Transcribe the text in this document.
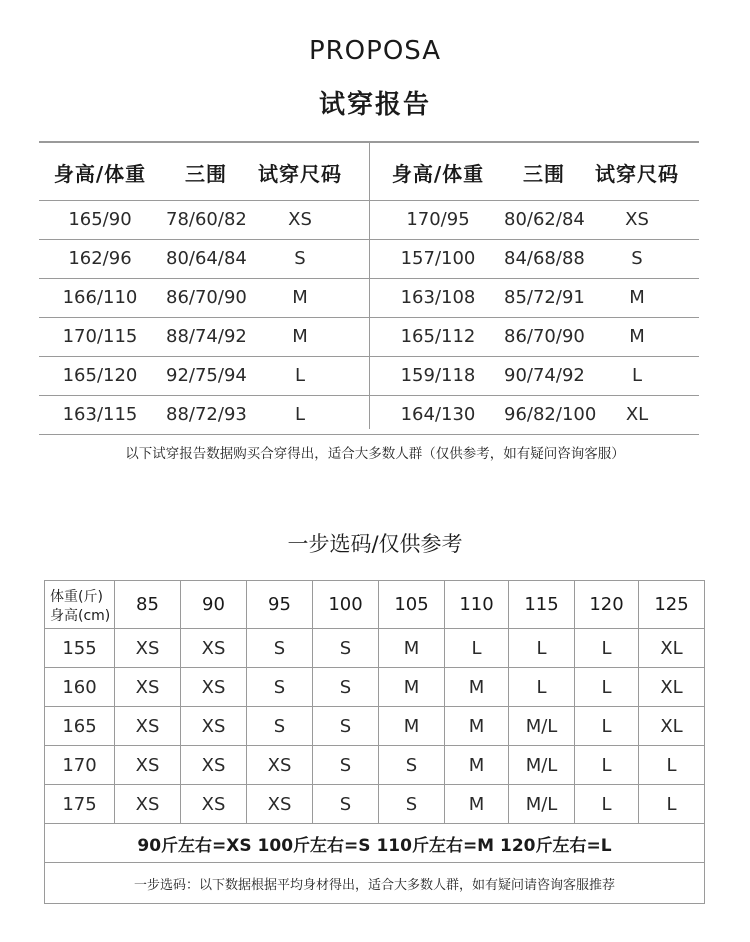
PROPOSA
试穿报告
身高/体重	三围	试穿尺码 身高/体重	三围	试穿尺码
165/90	78/60/82	XS	170/95	80/62/84	XS
162/96	80/64/84	S	157/100	84/68/88	S
166/110	86/70/90	M	163/108	85/72/91	M
170/115	88/74/92	M	165/112	86/70/90	M
165/120	92/75/94	L	159/118	90/74/92	L
163/115	88/72/93	L	164/130	96/82/100	XL
以下试穿报告数据购买合穿得出，适合大多数人群（仅供参考，如有疑问咨询客服）
一步选码/仅供参考
体重(斤)
身高(cm)	85	90	95	100	105	110	115	120	125
155	XS	XS	S	S	M	L	L	L	XL
160	XS	XS	S	S	M	M	L	L	XL
165	XS	XS	S	S	M	M	M/L	L	XL
170	XS	XS	XS	S	S	M	M/L	L	L
175	XS	XS	XS	S	S	M	M/L	L	L
90斤左右=XS 100斤左右=S 110斤左右=M 120斤左右=L									
一步选码：以下数据根据平均身材得出，适合大多数人群，如有疑问请咨询客服推荐									
